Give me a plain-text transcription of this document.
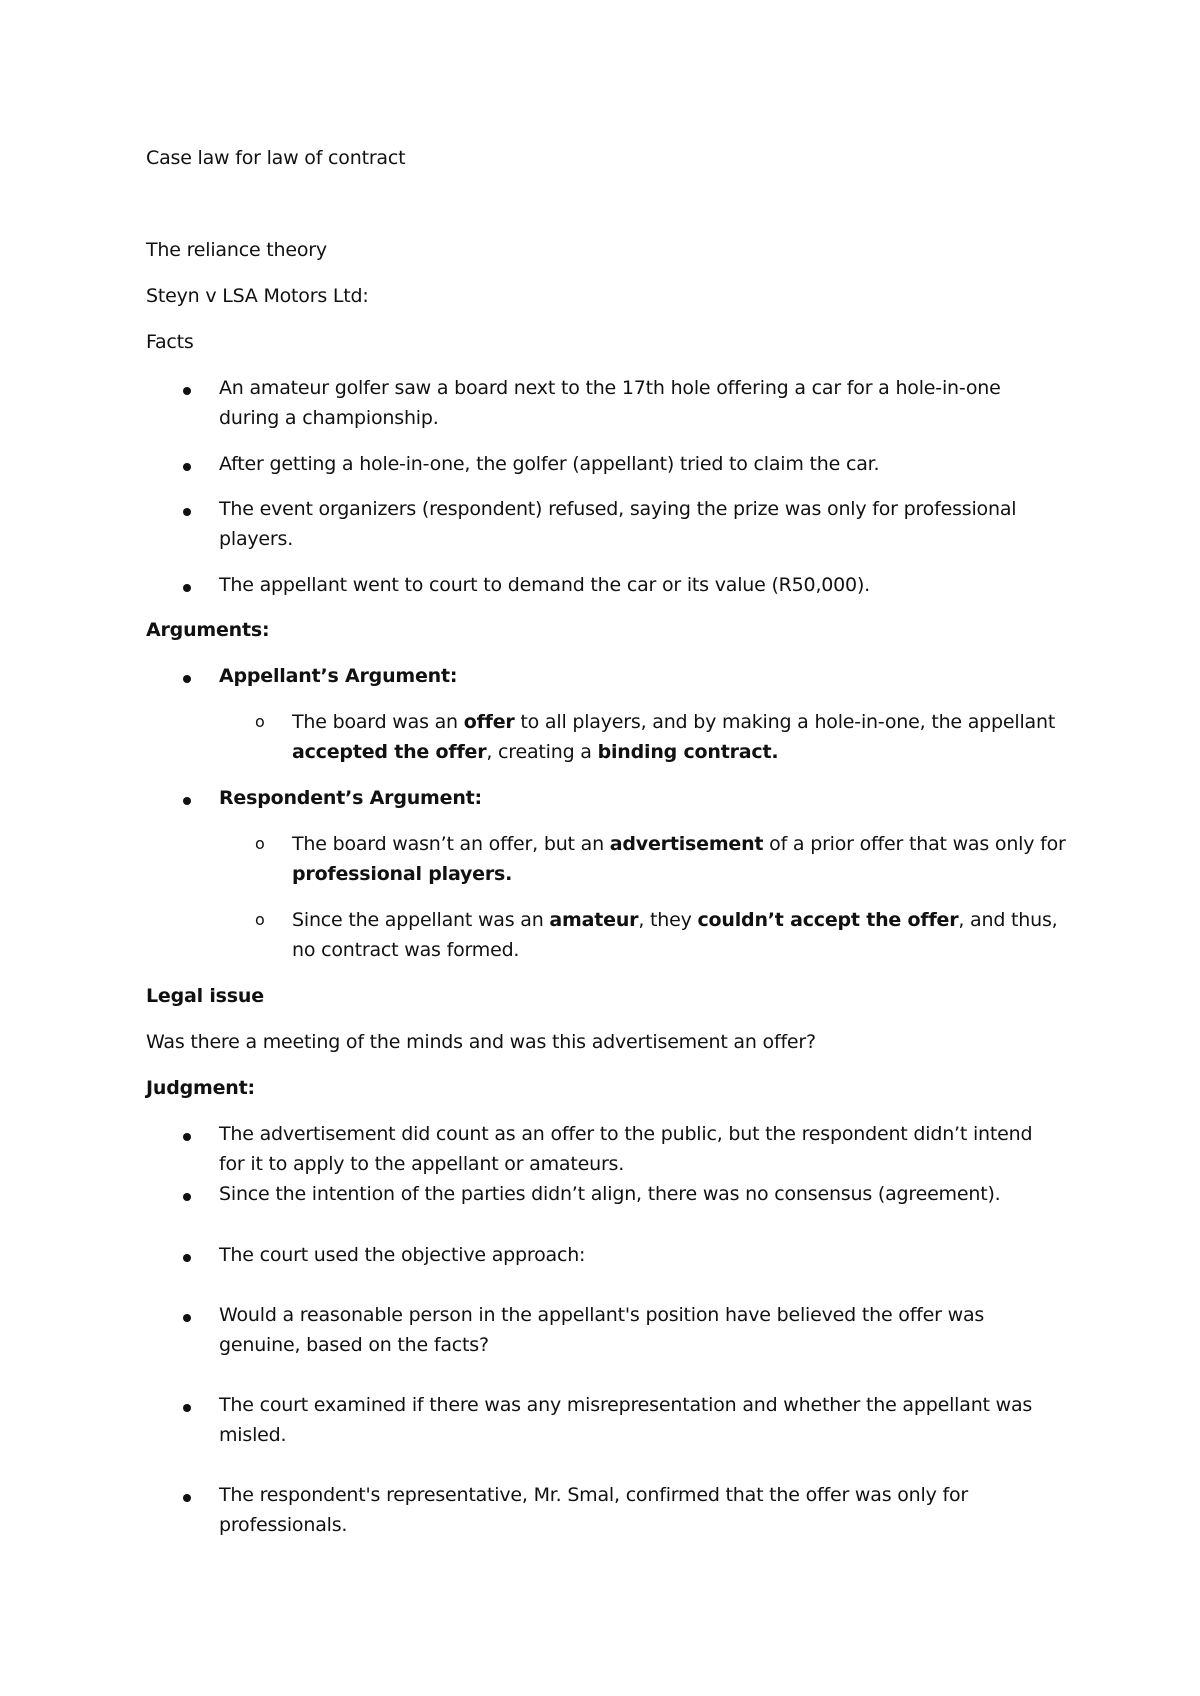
Case law for law of contract
The reliance theory
Steyn v LSA Motors Ltd:
Facts
An amateur golfer saw a board next to the 17th hole offering a car for a hole-in-one
during a championship.
After getting a hole-in-one, the golfer (appellant) tried to claim the car.
The event organizers (respondent) refused, saying the prize was only for professional
players.
The appellant went to court to demand the car or its value (R50,000).
Arguments:
Appellant’s Argument:
o The board was an offer to all players, and by making a hole-in-one, the appellant
accepted the offer, creating a binding contract.
Respondent’s Argument:
o The board wasn’t an offer, but an advertisement of a prior offer that was only for
professional players.
o Since the appellant was an amateur, they couldn’t accept the offer, and thus,
no contract was formed.
Legal issue
Was there a meeting of the minds and was this advertisement an offer?
Judgment:
The advertisement did count as an offer to the public, but the respondent didn’t intend
for it to apply to the appellant or amateurs.
Since the intention of the parties didn’t align, there was no consensus (agreement).
The court used the objective approach:
Would a reasonable person in the appellant's position have believed the offer was
genuine, based on the facts?
The court examined if there was any misrepresentation and whether the appellant was
misled.
The respondent's representative, Mr. Smal, confirmed that the offer was only for
professionals.
